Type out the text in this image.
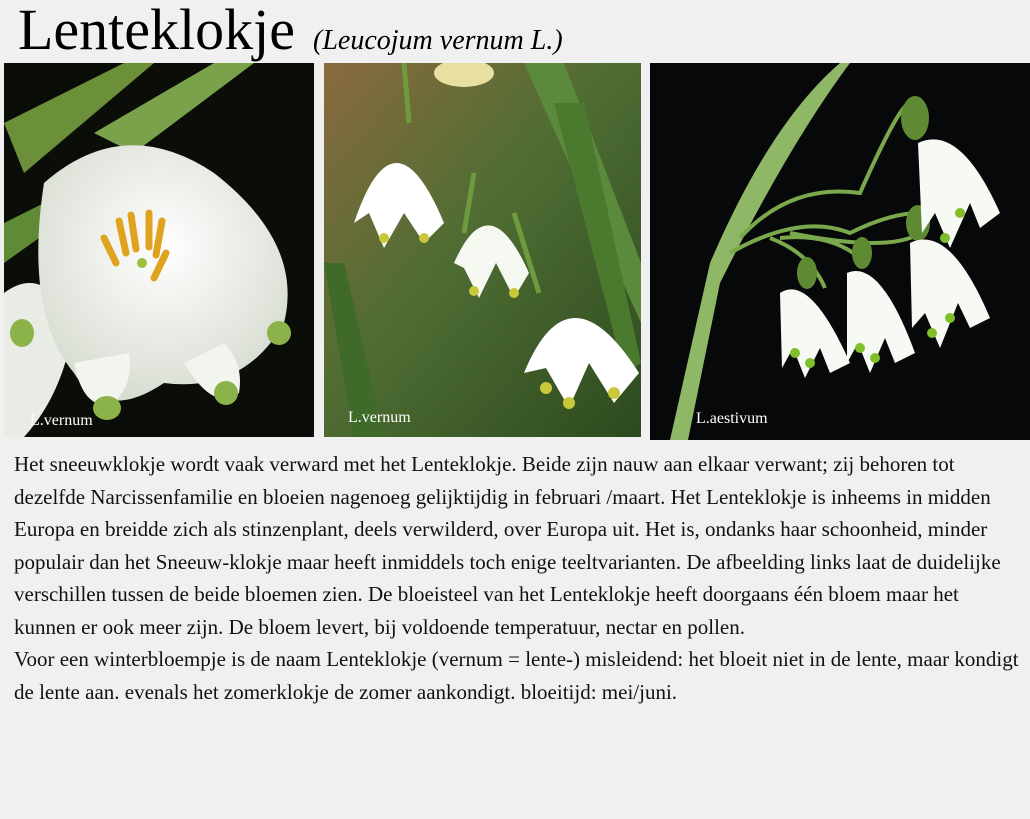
Lenteklokje (Leucojum vernum L.)
L.vernum	L.vernum	L.aestivum

Het sneeuwklokje wordt vaak verward met het Lenteklokje. Beide zijn nauw aan elkaar verwant; zij behoren tot dezelfde Narcissenfamilie en bloeien nagenoeg gelijktijdig in februari /maart. Het Lenteklokje is inheems in midden Europa en breidde zich als stinzenplant, deels verwilderd, over Europa uit. Het is, ondanks haar schoonheid, minder populair dan het Sneeuw-klokje maar heeft inmiddels toch enige teeltvarianten. De afbeelding links laat de duidelijke verschillen tussen de beide bloemen zien. De bloeisteel van het Lenteklokje heeft doorgaans één bloem maar het kunnen er ook meer zijn. De bloem levert, bij voldoende temperatuur, nectar en pollen.

Voor een winterbloempje is de naam Lenteklokje (vernum = lente-) misleidend: het bloeit niet in de lente, maar kondigt de lente aan. evenals het zomerklokje de zomer aankondigt. bloeitijd: mei/juni.
